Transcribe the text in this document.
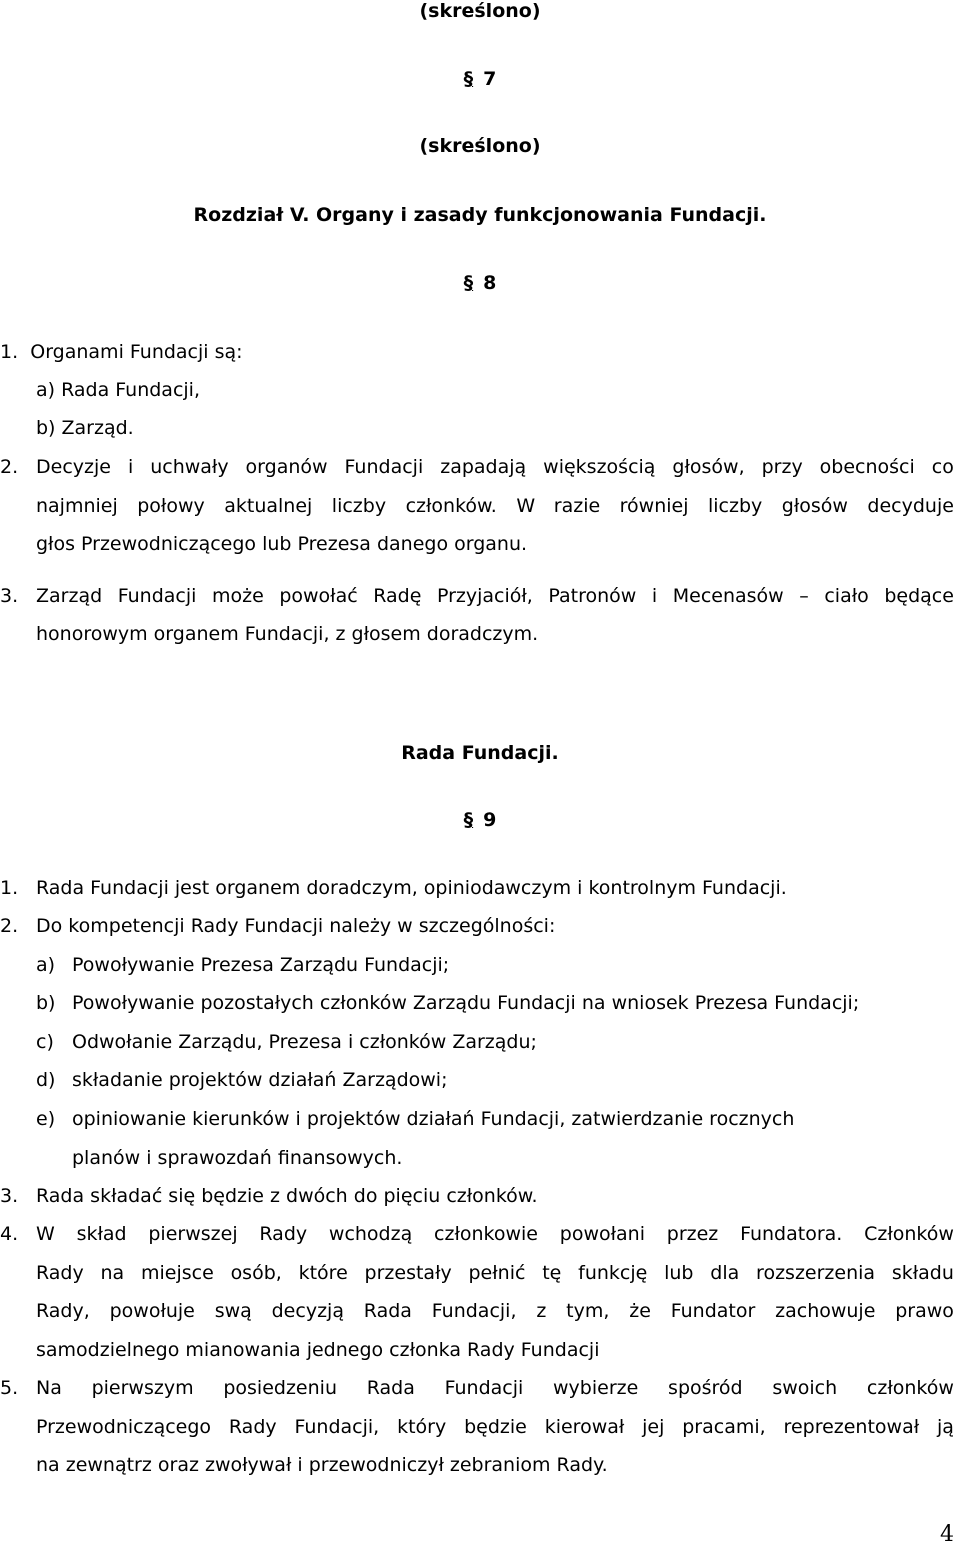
(skreślono)
§ 7
(skreślono)
Rozdział V. Organy i zasady funkcjonowania Fundacji.
§ 8
1. Organami Fundacji są:
a) Rada Fundacji,
b) Zarząd.
2. Decyzje i uchwały organów Fundacji zapadają większością głosów, przy obecności co
najmniej połowy aktualnej liczby członków. W razie równiej liczby głosów decyduje
głos Przewodniczącego lub Prezesa danego organu.
3. Zarząd Fundacji może powołać Radę Przyjaciół, Patronów i Mecenasów – ciało będące
honorowym organem Fundacji, z głosem doradczym.
Rada Fundacji.
§ 9
1. Rada Fundacji jest organem doradczym, opiniodawczym i kontrolnym Fundacji.
2. Do kompetencji Rady Fundacji należy w szczególności:
a) Powoływanie Prezesa Zarządu Fundacji;
b) Powoływanie pozostałych członków Zarządu Fundacji na wniosek Prezesa Fundacji;
c) Odwołanie Zarządu, Prezesa i członków Zarządu;
d) składanie projektów działań Zarządowi;
e) opiniowanie kierunków i projektów działań Fundacji, zatwierdzanie rocznych
planów i sprawozdań finansowych.
3. Rada składać się będzie z dwóch do pięciu członków.
4. W skład pierwszej Rady wchodzą członkowie powołani przez Fundatora. Członków
Rady na miejsce osób, które przestały pełnić tę funkcję lub dla rozszerzenia składu
Rady, powołuje swą decyzją Rada Fundacji, z tym, że Fundator zachowuje prawo
samodzielnego mianowania jednego członka Rady Fundacji
5. Na pierwszym posiedzeniu Rada Fundacji wybierze spośród swoich członków
Przewodniczącego Rady Fundacji, który będzie kierował jej pracami, reprezentował ją
na zewnątrz oraz zwoływał i przewodniczył zebraniom Rady.
4
